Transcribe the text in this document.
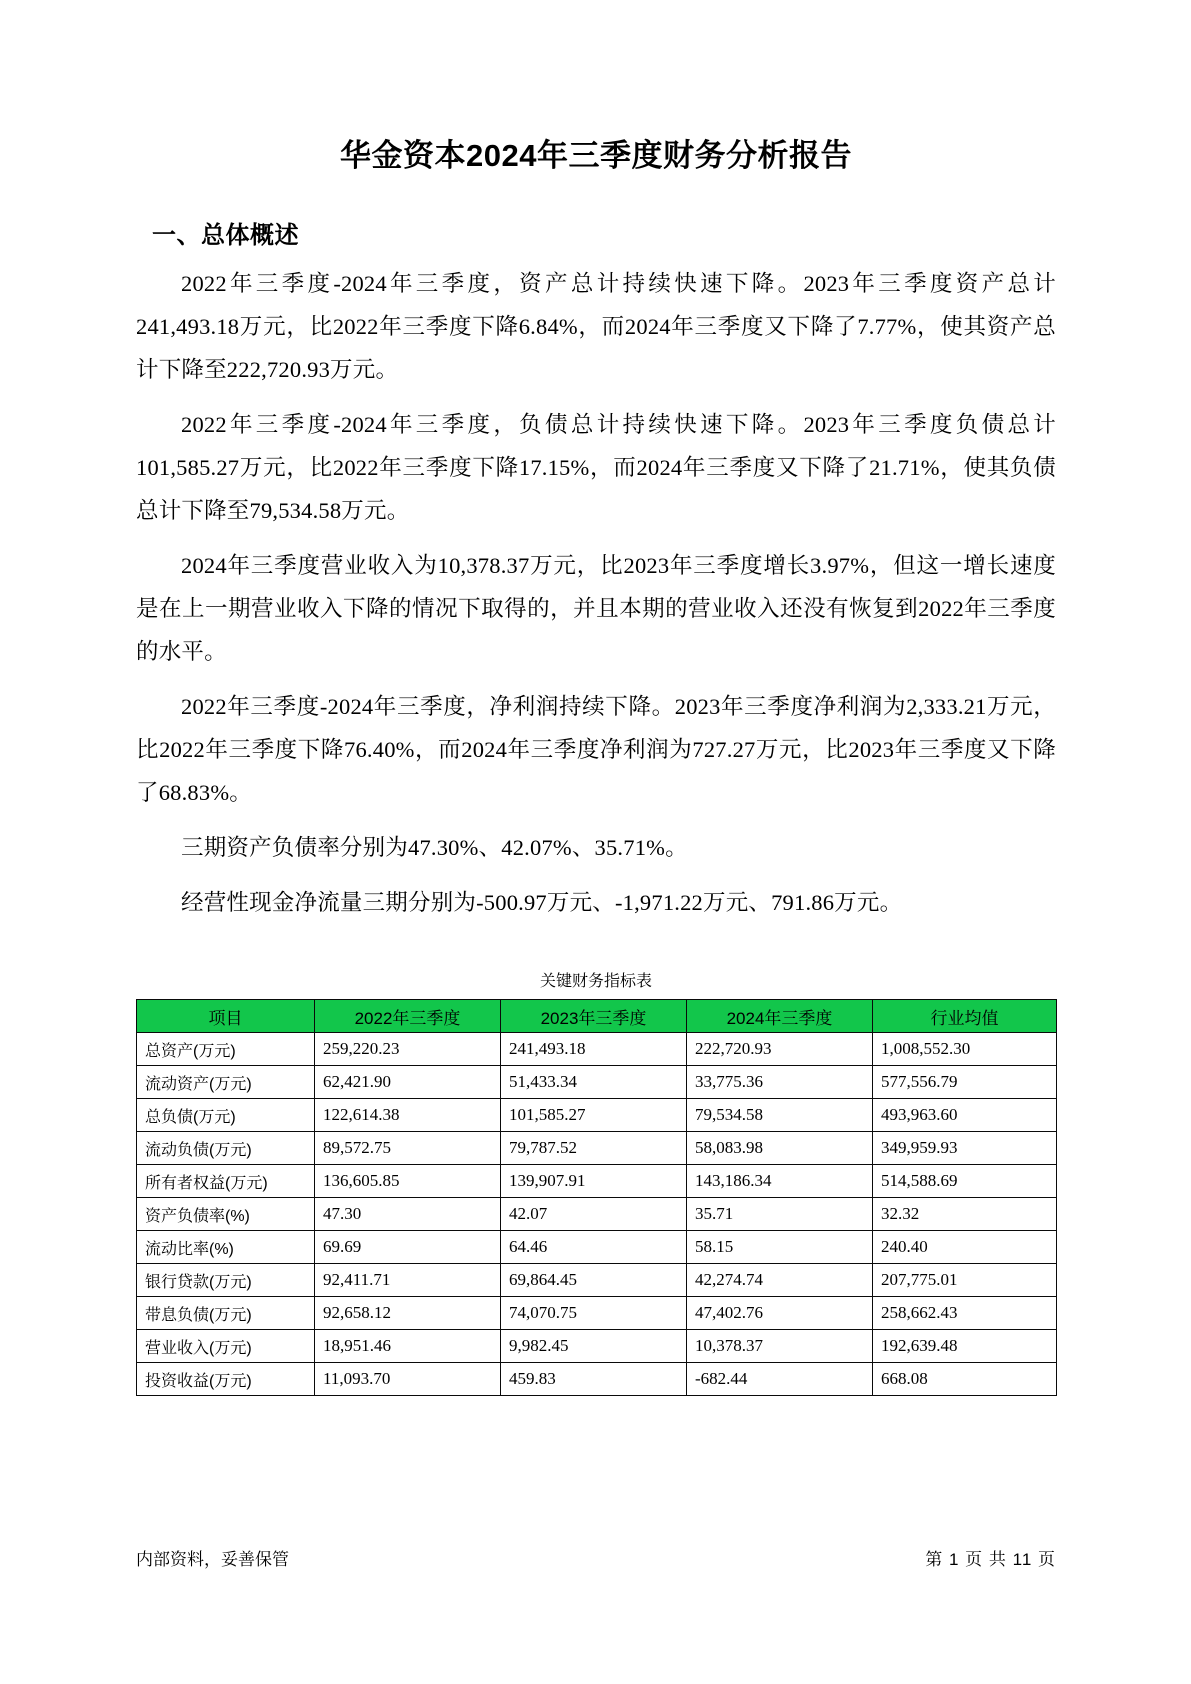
华金资本2024年三季度财务分析报告
一、总体概述

2022年三季度-2024年三季度，资产总计持续快速下降。2023年三季度资产总计241,493.18万元，比2022年三季度下降6.84%，而2024年三季度又下降了7.77%，使其资产总计下降至222,720.93万元。

2022年三季度-2024年三季度，负债总计持续快速下降。2023年三季度负债总计101,585.27万元，比2022年三季度下降17.15%，而2024年三季度又下降了21.71%，使其负债总计下降至79,534.58万元。

2024年三季度营业收入为10,378.37万元，比2023年三季度增长3.97%，但这一增长速度是在上一期营业收入下降的情况下取得的，并且本期的营业收入还没有恢复到2022年三季度的水平。

2022年三季度-2024年三季度，净利润持续下降。2023年三季度净利润为2,333.21万元，比2022年三季度下降76.40%，而2024年三季度净利润为727.27万元，比2023年三季度又下降了68.83%。

三期资产负债率分别为47.30%、42.07%、35.71%。

经营性现金净流量三期分别为-500.97万元、-1,971.22万元、791.86万元。

关键财务指标表
项目	2022年三季度	2023年三季度	2024年三季度	行业均值
总资产(万元)	259,220.23	241,493.18	222,720.93	1,008,552.30
流动资产(万元)	62,421.90	51,433.34	33,775.36	577,556.79
总负债(万元)	122,614.38	101,585.27	79,534.58	493,963.60
流动负债(万元)	89,572.75	79,787.52	58,083.98	349,959.93
所有者权益(万元)	136,605.85	139,907.91	143,186.34	514,588.69
资产负债率(%)	47.30	42.07	35.71	32.32
流动比率(%)	69.69	64.46	58.15	240.40
银行贷款(万元)	92,411.71	69,864.45	42,274.74	207,775.01
带息负债(万元)	92,658.12	74,070.75	47,402.76	258,662.43
营业收入(万元)	18,951.46	9,982.45	10,378.37	192,639.48
投资收益(万元)	11,093.70	459.83	-682.44	668.08
内部资料，妥善保管	第 1 页 共 11 页
